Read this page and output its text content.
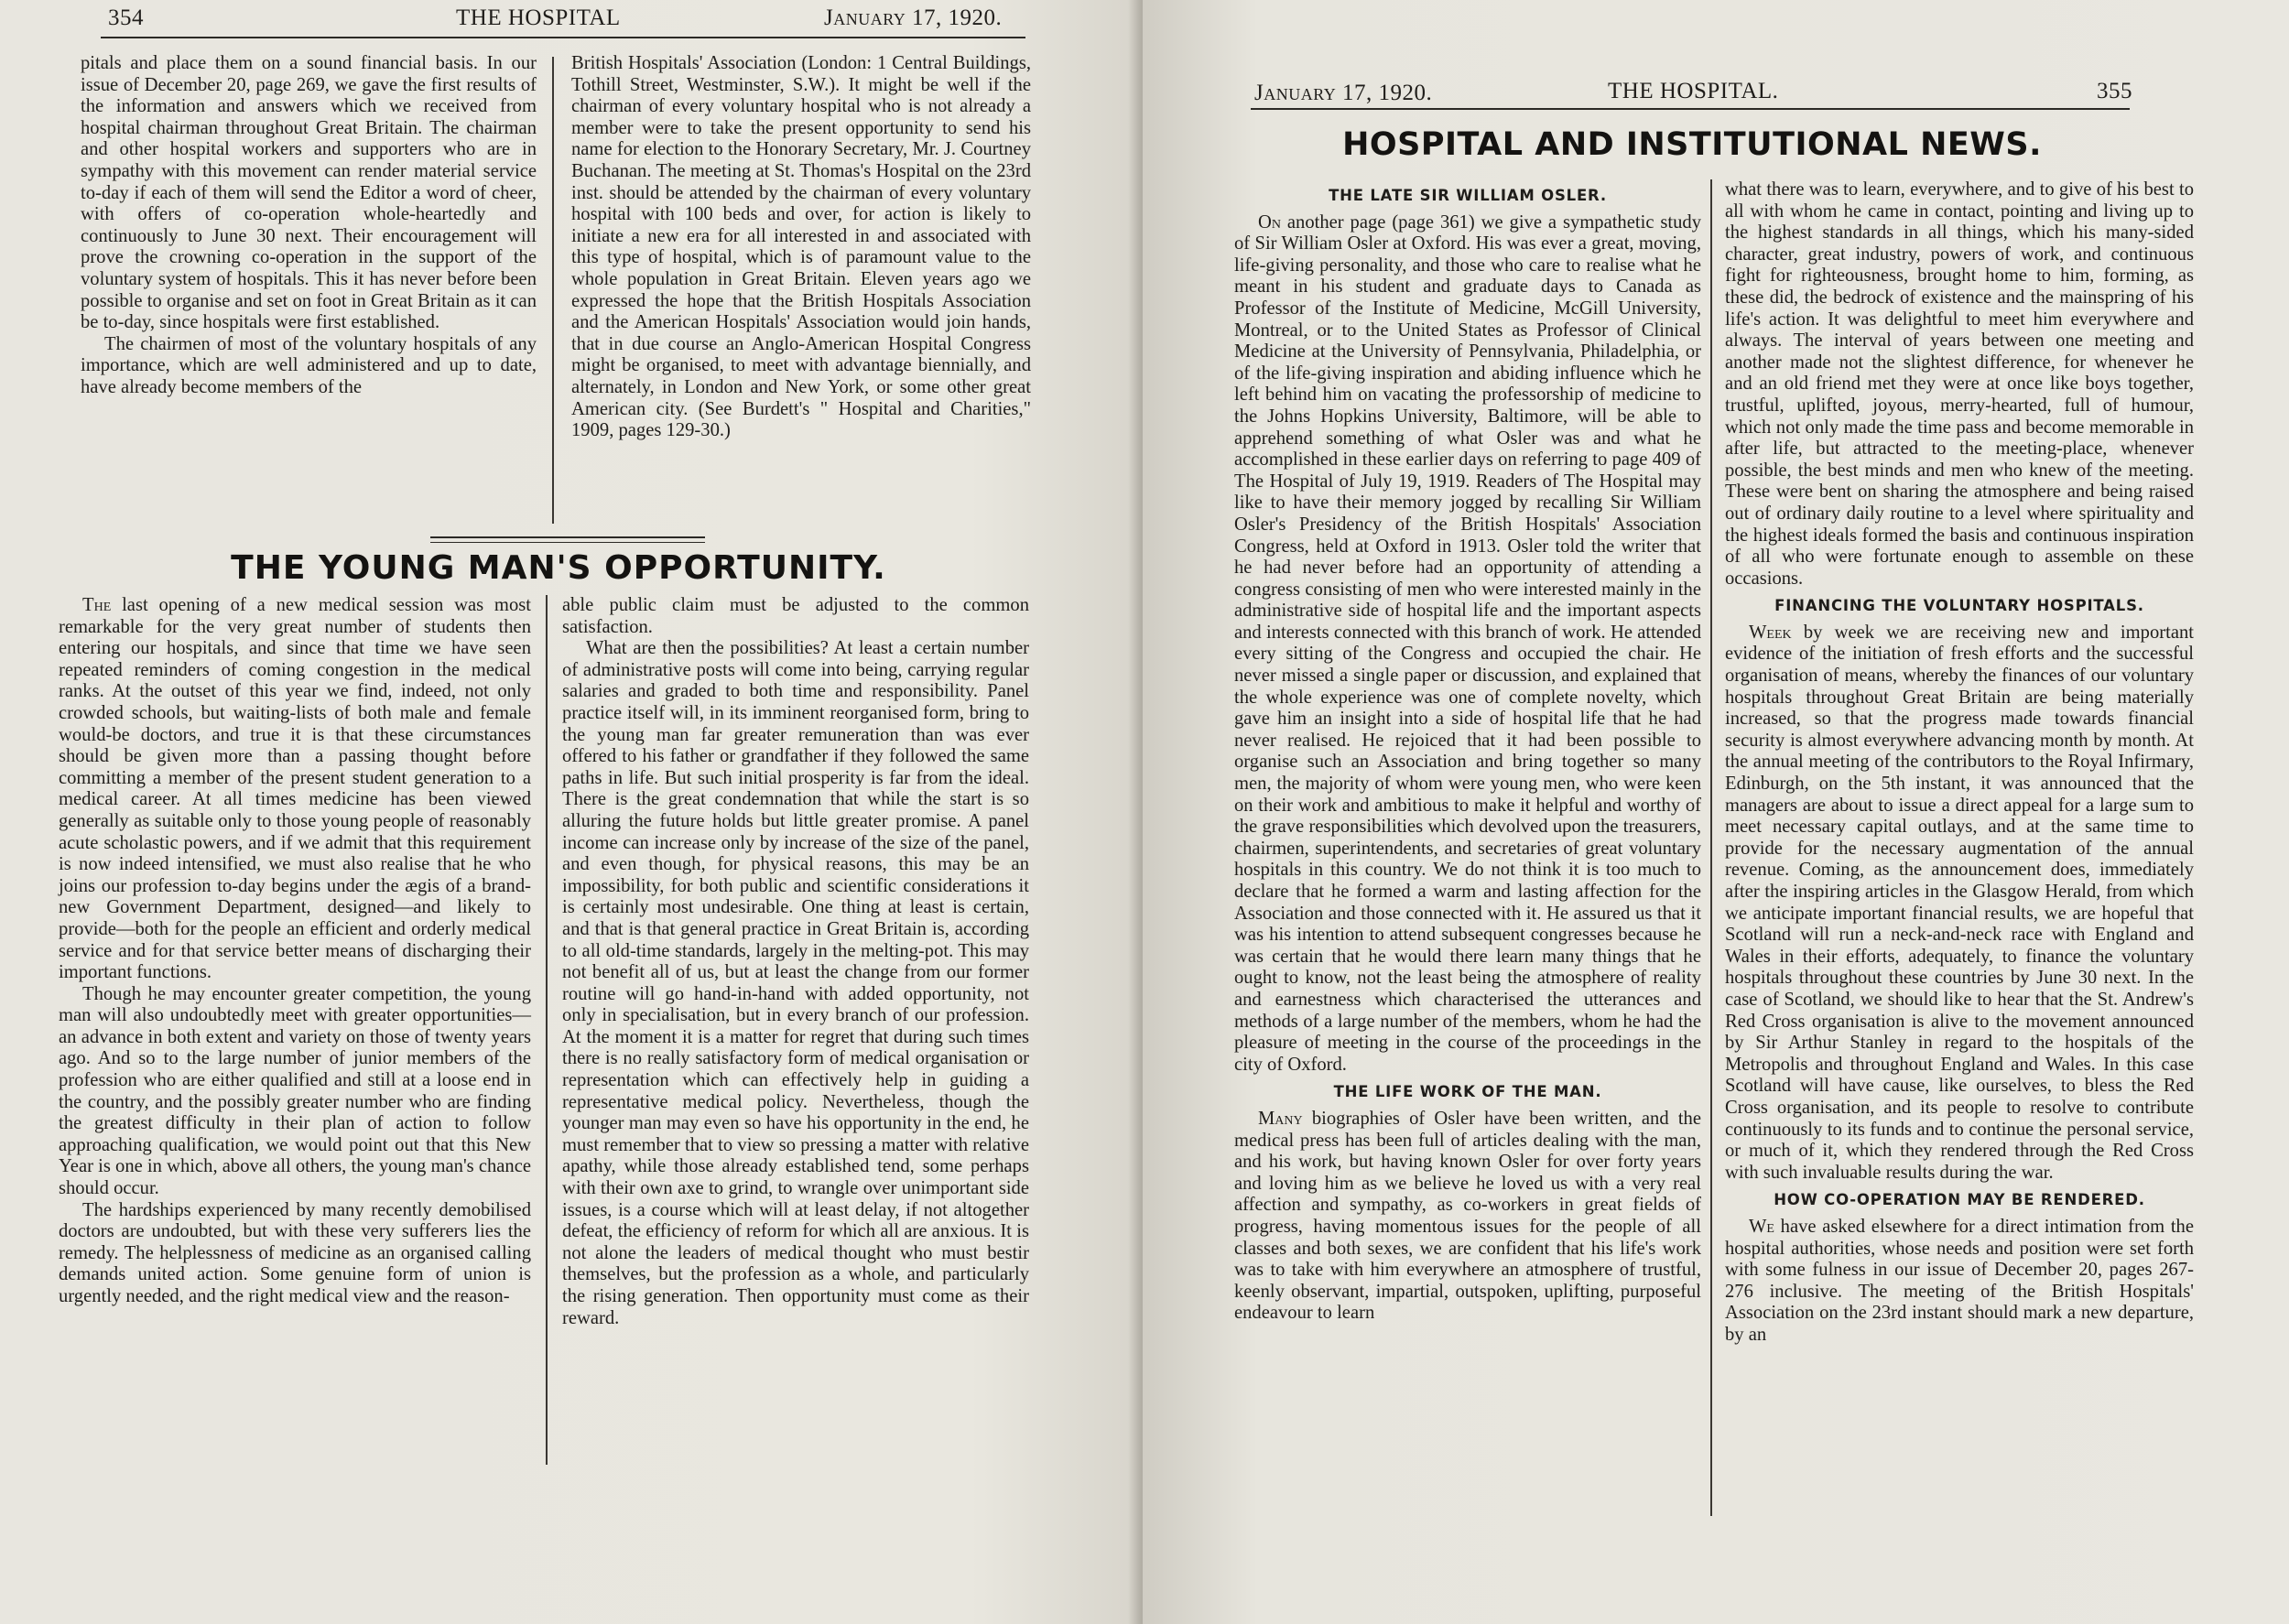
354	THE HOSPITAL	January 17, 1920.

pitals and place them on a sound financial basis. In our issue of December 20, page 269, we gave the first results of the information and answers which we received from hospital chairman throughout Great Britain. The chairman and other hospital workers and supporters who are in sympathy with this movement can render material service to-day if each of them will send the Editor a word of cheer, with offers of co-operation whole-heartedly and continuously to June 30 next. Their encouragement will prove the crowning co-operation in the support of the voluntary system of hospitals. This it has never before been possible to organise and set on foot in Great Britain as it can be to-day, since hospitals were first established.

The chairmen of most of the voluntary hospitals of any importance, which are well administered and up to date, have already become members of the

British Hospitals' Association (London: 1 Central Buildings, Tothill Street, Westminster, S.W.). It might be well if the chairman of every voluntary hospital who is not already a member were to take the present opportunity to send his name for election to the Honorary Secretary, Mr. J. Courtney Buchanan. The meeting at St. Thomas's Hospital on the 23rd inst. should be attended by the chairman of every voluntary hospital with 100 beds and over, for action is likely to initiate a new era for all interested in and associated with this type of hospital, which is of paramount value to the whole population in Great Britain. Eleven years ago we expressed the hope that the British Hospitals Association and the American Hospitals' Association would join hands, that in due course an Anglo-American Hospital Congress might be organised, to meet with advantage biennially, and alternately, in London and New York, or some other great American city. (See Burdett's " Hospital and Charities," 1909, pages 129-30.)

THE YOUNG MAN'S OPPORTUNITY.

The last opening of a new medical session was most remarkable for the very great number of students then entering our hospitals, and since that time we have seen repeated reminders of coming congestion in the medical ranks. At the outset of this year we find, indeed, not only crowded schools, but waiting-lists of both male and female would-be doctors, and true it is that these circumstances should be given more than a passing thought before committing a member of the present student generation to a medical career. At all times medicine has been viewed generally as suitable only to those young people of reasonably acute scholastic powers, and if we admit that this requirement is now indeed intensified, we must also realise that he who joins our profession to-day begins under the ægis of a brand-new Government Department, designed—and likely to provide—both for the people an efficient and orderly medical service and for that service better means of discharging their important functions.

Though he may encounter greater competition, the young man will also undoubtedly meet with greater opportunities—an advance in both extent and variety on those of twenty years ago. And so to the large number of junior members of the profession who are either qualified and still at a loose end in the country, and the possibly greater number who are finding the greatest difficulty in their plan of action to follow approaching qualification, we would point out that this New Year is one in which, above all others, the young man's chance should occur.

The hardships experienced by many recently demobilised doctors are undoubted, but with these very sufferers lies the remedy. The helplessness of medicine as an organised calling demands united action. Some genuine form of union is urgently needed, and the right medical view and the reason-

able public claim must be adjusted to the common satisfaction.

What are then the possibilities? At least a certain number of administrative posts will come into being, carrying regular salaries and graded to both time and responsibility. Panel practice itself will, in its imminent reorganised form, bring to the young man far greater remuneration than was ever offered to his father or grandfather if they followed the same paths in life. But such initial prosperity is far from the ideal. There is the great condemnation that while the start is so alluring the future holds but little greater promise. A panel income can increase only by increase of the size of the panel, and even though, for physical reasons, this may be an impossibility, for both public and scientific considerations it is certainly most undesirable. One thing at least is certain, and that is that general practice in Great Britain is, according to all old-time standards, largely in the melting-pot. This may not benefit all of us, but at least the change from our former routine will go hand-in-hand with added opportunity, not only in specialisation, but in every branch of our profession. At the moment it is a matter for regret that during such times there is no really satisfactory form of medical organisation or representation which can effectively help in guiding a representative medical policy. Nevertheless, though the younger man may even so have his opportunity in the end, he must remember that to view so pressing a matter with relative apathy, while those already established tend, some perhaps with their own axe to grind, to wrangle over unimportant side issues, is a course which will at least delay, if not altogether defeat, the efficiency of reform for which all are anxious. It is not alone the leaders of medical thought who must bestir themselves, but the profession as a whole, and particularly the rising generation. Then opportunity must come as their reward.

January 17, 1920.	THE HOSPITAL.	355
HOSPITAL AND INSTITUTIONAL NEWS.
THE LATE SIR WILLIAM OSLER.

On another page (page 361) we give a sympathetic study of Sir William Osler at Oxford. His was ever a great, moving, life-giving personality, and those who care to realise what he meant in his student and graduate days to Canada as Professor of the Institute of Medicine, McGill University, Montreal, or to the United States as Professor of Clinical Medicine at the University of Pennsylvania, Philadelphia, or of the life-giving inspiration and abiding influence which he left behind him on vacating the professorship of medicine to the Johns Hopkins University, Baltimore, will be able to apprehend something of what Osler was and what he accomplished in these earlier days on referring to page 409 of The Hospital of July 19, 1919. Readers of The Hospital may like to have their memory jogged by recalling Sir William Osler's Presidency of the British Hospitals' Association Congress, held at Oxford in 1913. Osler told the writer that he had never before had an opportunity of attending a congress consisting of men who were interested mainly in the administrative side of hospital life and the important aspects and interests connected with this branch of work. He attended every sitting of the Congress and occupied the chair. He never missed a single paper or discussion, and explained that the whole experience was one of complete novelty, which gave him an insight into a side of hospital life that he had never realised. He rejoiced that it had been possible to organise such an Association and bring together so many men, the majority of whom were young men, who were keen on their work and ambitious to make it helpful and worthy of the grave responsibilities which devolved upon the treasurers, chairmen, superintendents, and secretaries of great voluntary hospitals in this country. We do not think it is too much to declare that he formed a warm and lasting affection for the Association and those connected with it. He assured us that it was his intention to attend subsequent congresses because he was certain that he would there learn many things that he ought to know, not the least being the atmosphere of reality and earnestness which characterised the utterances and methods of a large number of the members, whom he had the pleasure of meeting in the course of the proceedings in the city of Oxford.

THE LIFE WORK OF THE MAN.

Many biographies of Osler have been written, and the medical press has been full of articles dealing with the man, and his work, but having known Osler for over forty years and loving him as we believe he loved us with a very real affection and sympathy, as co-workers in great fields of progress, having momentous issues for the people of all classes and both sexes, we are confident that his life's work was to take with him everywhere an atmosphere of trustful, keenly observant, impartial, outspoken, uplifting, purposeful endeavour to learn

what there was to learn, everywhere, and to give of his best to all with whom he came in contact, pointing and living up to the highest standards in all things, which his many-sided character, great industry, powers of work, and continuous fight for righteousness, brought home to him, forming, as these did, the bedrock of existence and the mainspring of his life's action. It was delightful to meet him everywhere and always. The interval of years between one meeting and another made not the slightest difference, for whenever he and an old friend met they were at once like boys together, trustful, uplifted, joyous, merry-hearted, full of humour, which not only made the time pass and become memorable in after life, but attracted to the meeting-place, whenever possible, the best minds and men who knew of the meeting. These were bent on sharing the atmosphere and being raised out of ordinary daily routine to a level where spirituality and the highest ideals formed the basis and continuous inspiration of all who were fortunate enough to assemble on these occasions.

FINANCING THE VOLUNTARY HOSPITALS.

Week by week we are receiving new and important evidence of the initiation of fresh efforts and the successful organisation of means, whereby the finances of our voluntary hospitals throughout Great Britain are being materially increased, so that the progress made towards financial security is almost everywhere advancing month by month. At the annual meeting of the contributors to the Royal Infirmary, Edinburgh, on the 5th instant, it was announced that the managers are about to issue a direct appeal for a large sum to meet necessary capital outlays, and at the same time to provide for the necessary augmentation of the annual revenue. Coming, as the announcement does, immediately after the inspiring articles in the Glasgow Herald, from which we anticipate important financial results, we are hopeful that Scotland will run a neck-and-neck race with England and Wales in their efforts, adequately, to finance the voluntary hospitals throughout these countries by June 30 next. In the case of Scotland, we should like to hear that the St. Andrew's Red Cross organisation is alive to the movement announced by Sir Arthur Stanley in regard to the hospitals of the Metropolis and throughout England and Wales. In this case Scotland will have cause, like ourselves, to bless the Red Cross organisation, and its people to resolve to contribute continuously to its funds and to continue the personal service, or much of it, which they rendered through the Red Cross with such invaluable results during the war.

HOW CO-OPERATION MAY BE RENDERED.

We have asked elsewhere for a direct intimation from the hospital authorities, whose needs and position were set forth with some fulness in our issue of December 20, pages 267-276 inclusive. The meeting of the British Hospitals' Association on the 23rd instant should mark a new departure, by an
